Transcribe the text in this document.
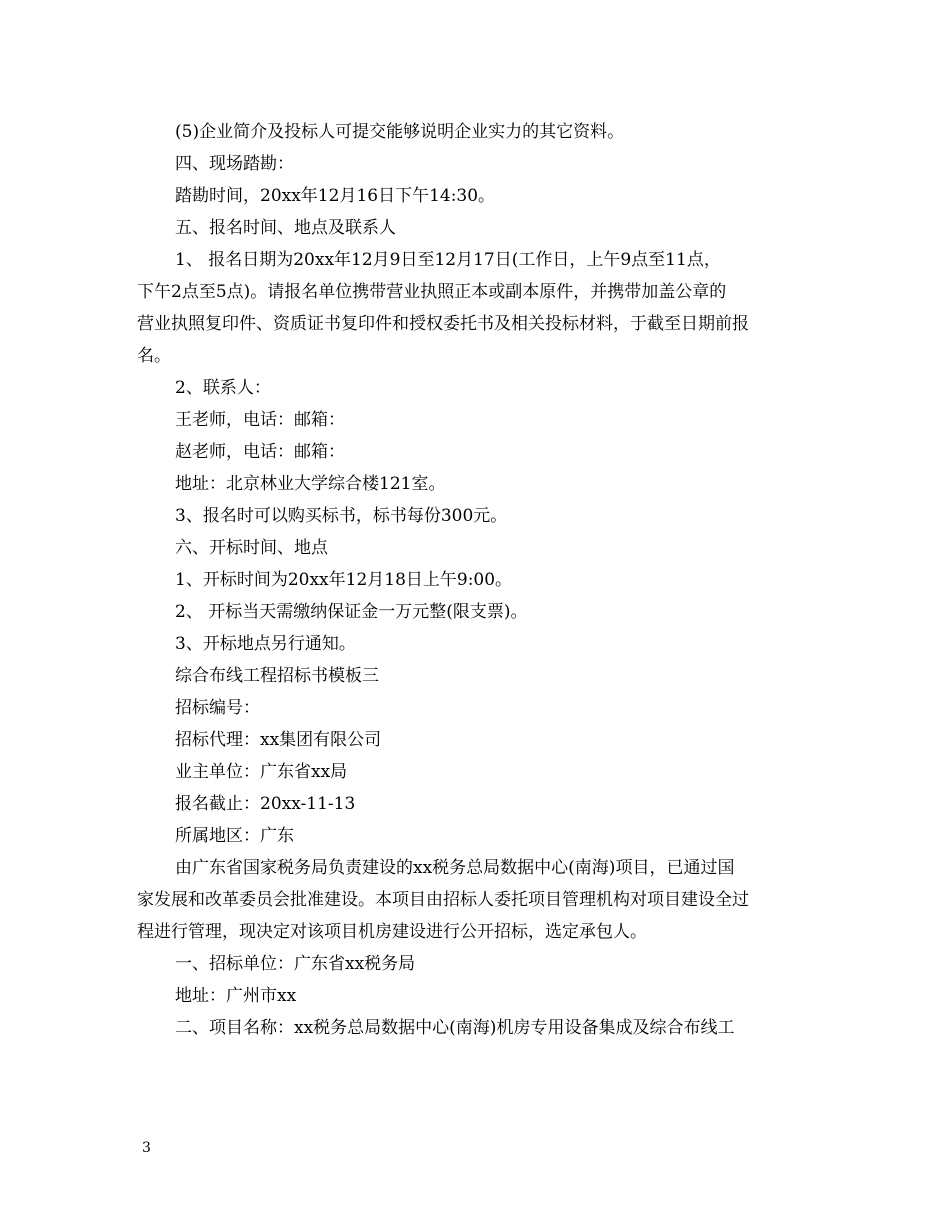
(5)企业简介及投标人可提交能够说明企业实力的其它资料。

四、现场踏勘：

踏勘时间，20xx年12月16日下午14:30。

五、报名时间、地点及联系人

1、 报名日期为20xx年12月9日至12月17日(工作日，上午9点至11点，
下午2点至5点)。请报名单位携带营业执照正本或副本原件，并携带加盖公章的
营业执照复印件、资质证书复印件和授权委托书及相关投标材料，于截至日期前报
名。

2、联系人：

王老师，电话：邮箱：

赵老师，电话：邮箱：

地址：北京林业大学综合楼121室。

3、报名时可以购买标书，标书每份300元。

六、开标时间、地点

1、开标时间为20xx年12月18日上午9:00。

2、 开标当天需缴纳保证金一万元整(限支票)。

3、开标地点另行通知。

综合布线工程招标书模板三

招标编号：

招标代理：xx集团有限公司

业主单位：广东省xx局

报名截止：20xx-11-13

所属地区：广东

由广东省国家税务局负责建设的xx税务总局数据中心(南海)项目，已通过国
家发展和改革委员会批准建设。本项目由招标人委托项目管理机构对项目建设全过
程进行管理，现决定对该项目机房建设进行公开招标，选定承包人。

一、招标单位：广东省xx税务局

地址：广州市xx

二、项目名称：xx税务总局数据中心(南海)机房专用设备集成及综合布线工

3
